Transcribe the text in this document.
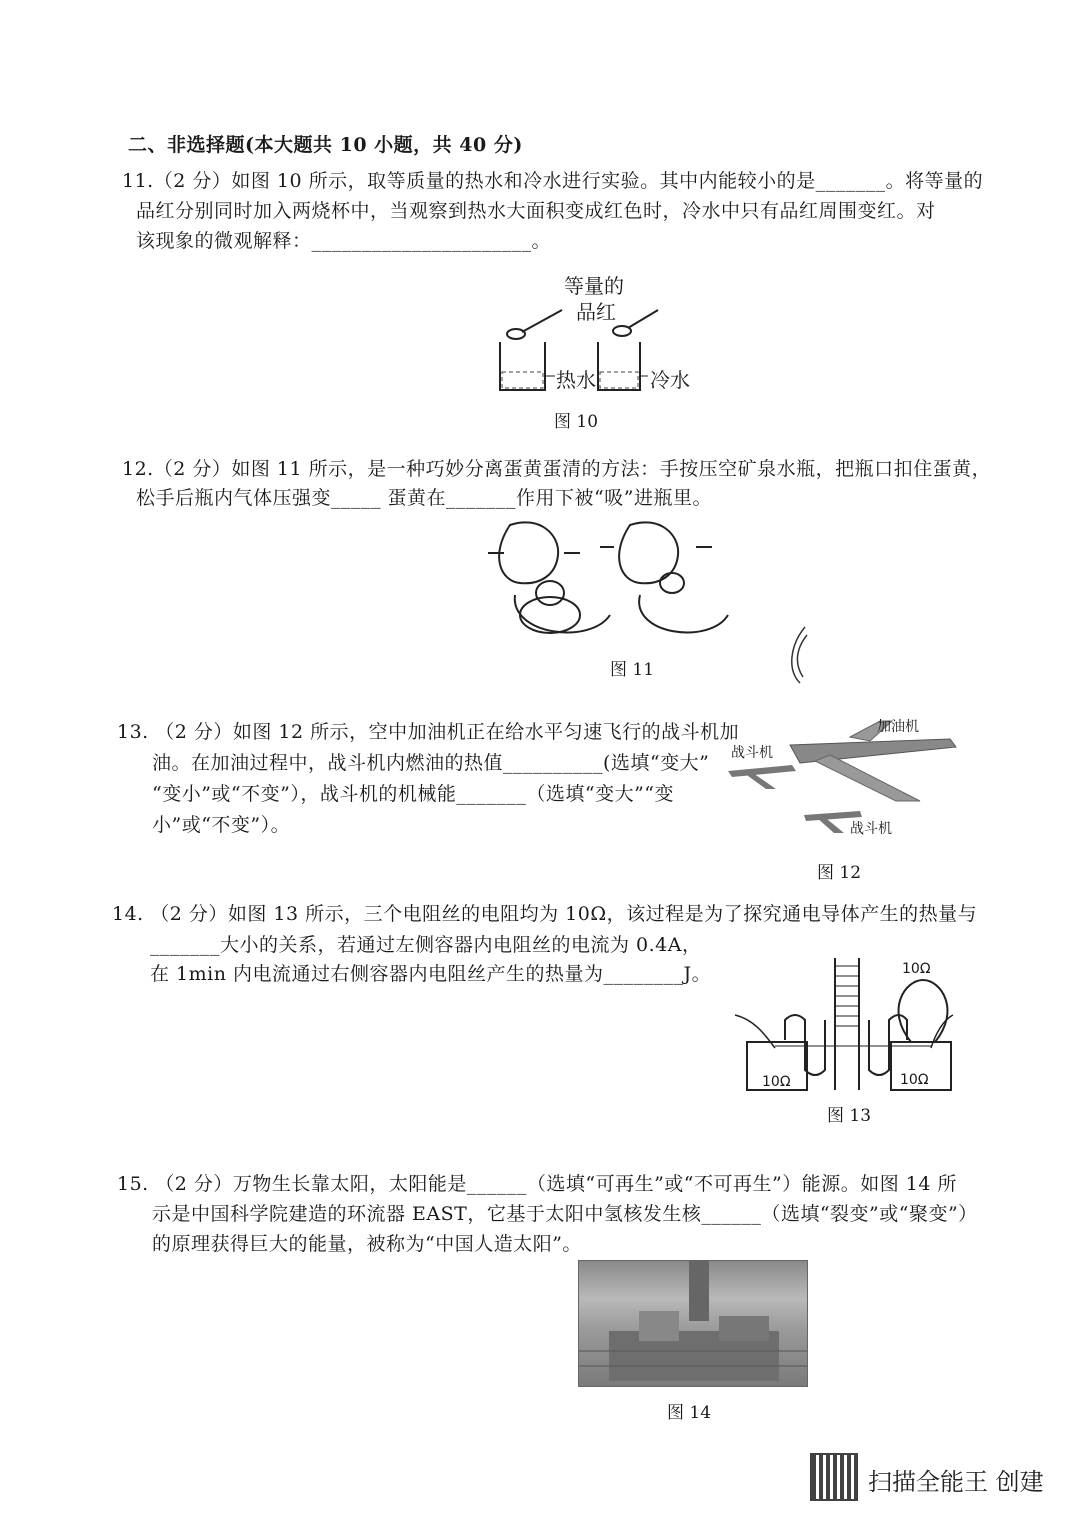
二、非选择题(本大题共 10 小题，共 40 分)
11.（2 分）如图 10 所示，取等质量的热水和冷水进行实验。其中内能较小的是_______。将等量的
品红分别同时加入两烧杯中，当观察到热水大面积变成红色时，冷水中只有品红周围变红。对
该现象的微观解释：______________________。
等量的
品红
热水	冷水
图 10
12.（2 分）如图 11 所示，是一种巧妙分离蛋黄蛋清的方法：手按压空矿泉水瓶，把瓶口扣住蛋黄，
松手后瓶内气体压强变_____ 蛋黄在_______作用下被“吸”进瓶里。
图 11
13. （2 分）如图 12 所示，空中加油机正在给水平匀速飞行的战斗机加
油。在加油过程中，战斗机内燃油的热值__________(选填“变大”
“变小”或“不变”），战斗机的机械能_______（选填“变大”“变
小”或“不变”）。
加油机
战斗机
战斗机
图 12
14. （2 分）如图 13 所示，三个电阻丝的电阻均为 10Ω，该过程是为了探究通电导体产生的热量与
_______大小的关系，若通过左侧容器内电阻丝的电流为 0.4A，
在 1min 内电流通过右侧容器内电阻丝产生的热量为________J。	10Ω
10Ω	10Ω
图 13
15. （2 分）万物生长靠太阳，太阳能是______（选填“可再生”或“不可再生”）能源。如图 14 所
示是中国科学院建造的环流器 EAST，它基于太阳中氢核发生核______（选填“裂变”或“聚变”）
的原理获得巨大的能量，被称为“中国人造太阳”。
图 14
扫描全能王 创建
